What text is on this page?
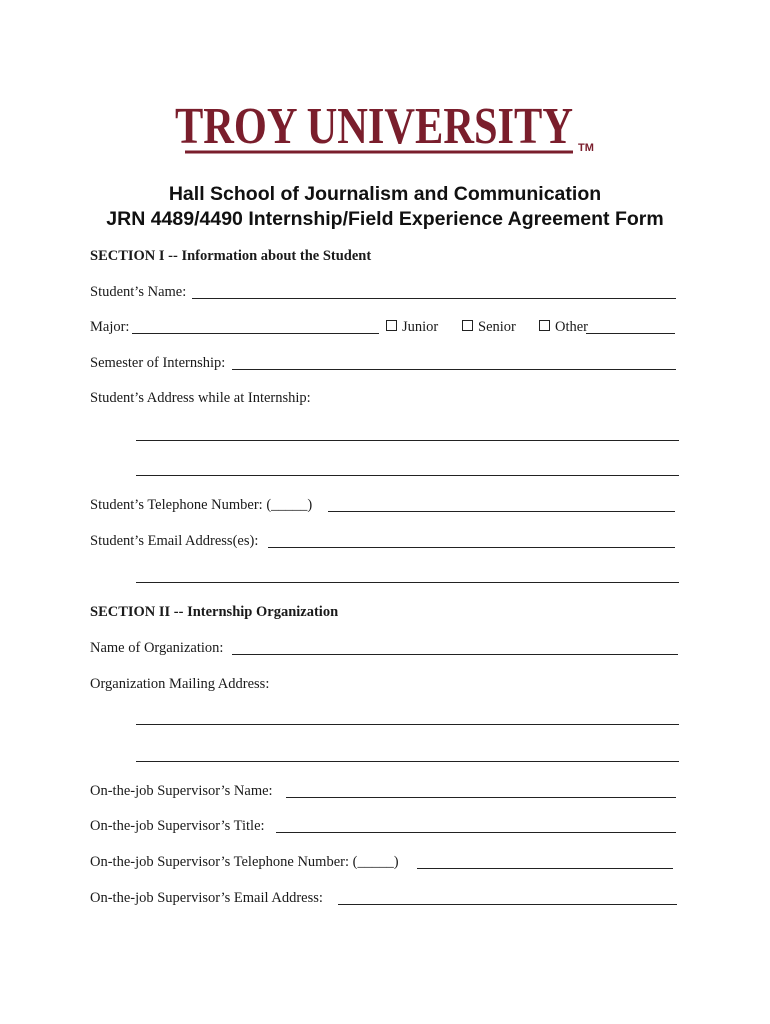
TROY UNIVERSITY TM
Hall School of Journalism and Communication
JRN 4489/4490 Internship/Field Experience Agreement Form
SECTION I -- Information about the Student
Student’s Name:
Major:	Junior	Senior	Other
Semester of Internship:
Student’s Address while at Internship:
Student’s Telephone Number: (_____)
Student’s Email Address(es):
SECTION II -- Internship Organization
Name of Organization:
Organization Mailing Address:
On-the-job Supervisor’s Name:
On-the-job Supervisor’s Title:
On-the-job Supervisor’s Telephone Number: (_____)
On-the-job Supervisor’s Email Address:
